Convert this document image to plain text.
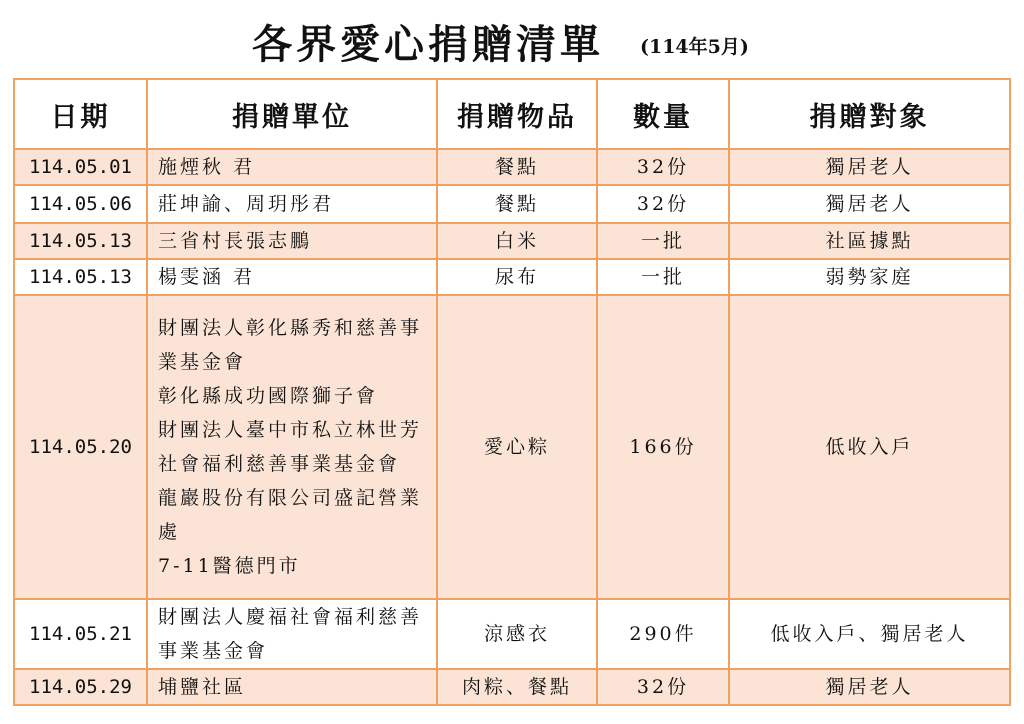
各界愛心捐贈清單 (114年5月)
日期	捐贈單位	捐贈物品	數量	捐贈對象
114.05.01	施煙秋 君	餐點	32份	獨居老人
114.05.06	莊坤諭、周玥彤君	餐點	32份	獨居老人
114.05.13	三省村長張志鵬	白米	一批	社區據點
114.05.13	楊雯涵 君	尿布	一批	弱勢家庭
114.05.20	財團法人彰化縣秀和慈善事業基金會
彰化縣成功國際獅子會
財團法人臺中市私立林世芳社會福利慈善事業基金會
龍巖股份有限公司盛記營業處
7-11醫德門市	愛心粽	166份	低收入戶
114.05.21	財團法人慶福社會福利慈善事業基金會	涼感衣	290件	低收入戶、獨居老人
114.05.29	埔鹽社區	肉粽、餐點	32份	獨居老人
